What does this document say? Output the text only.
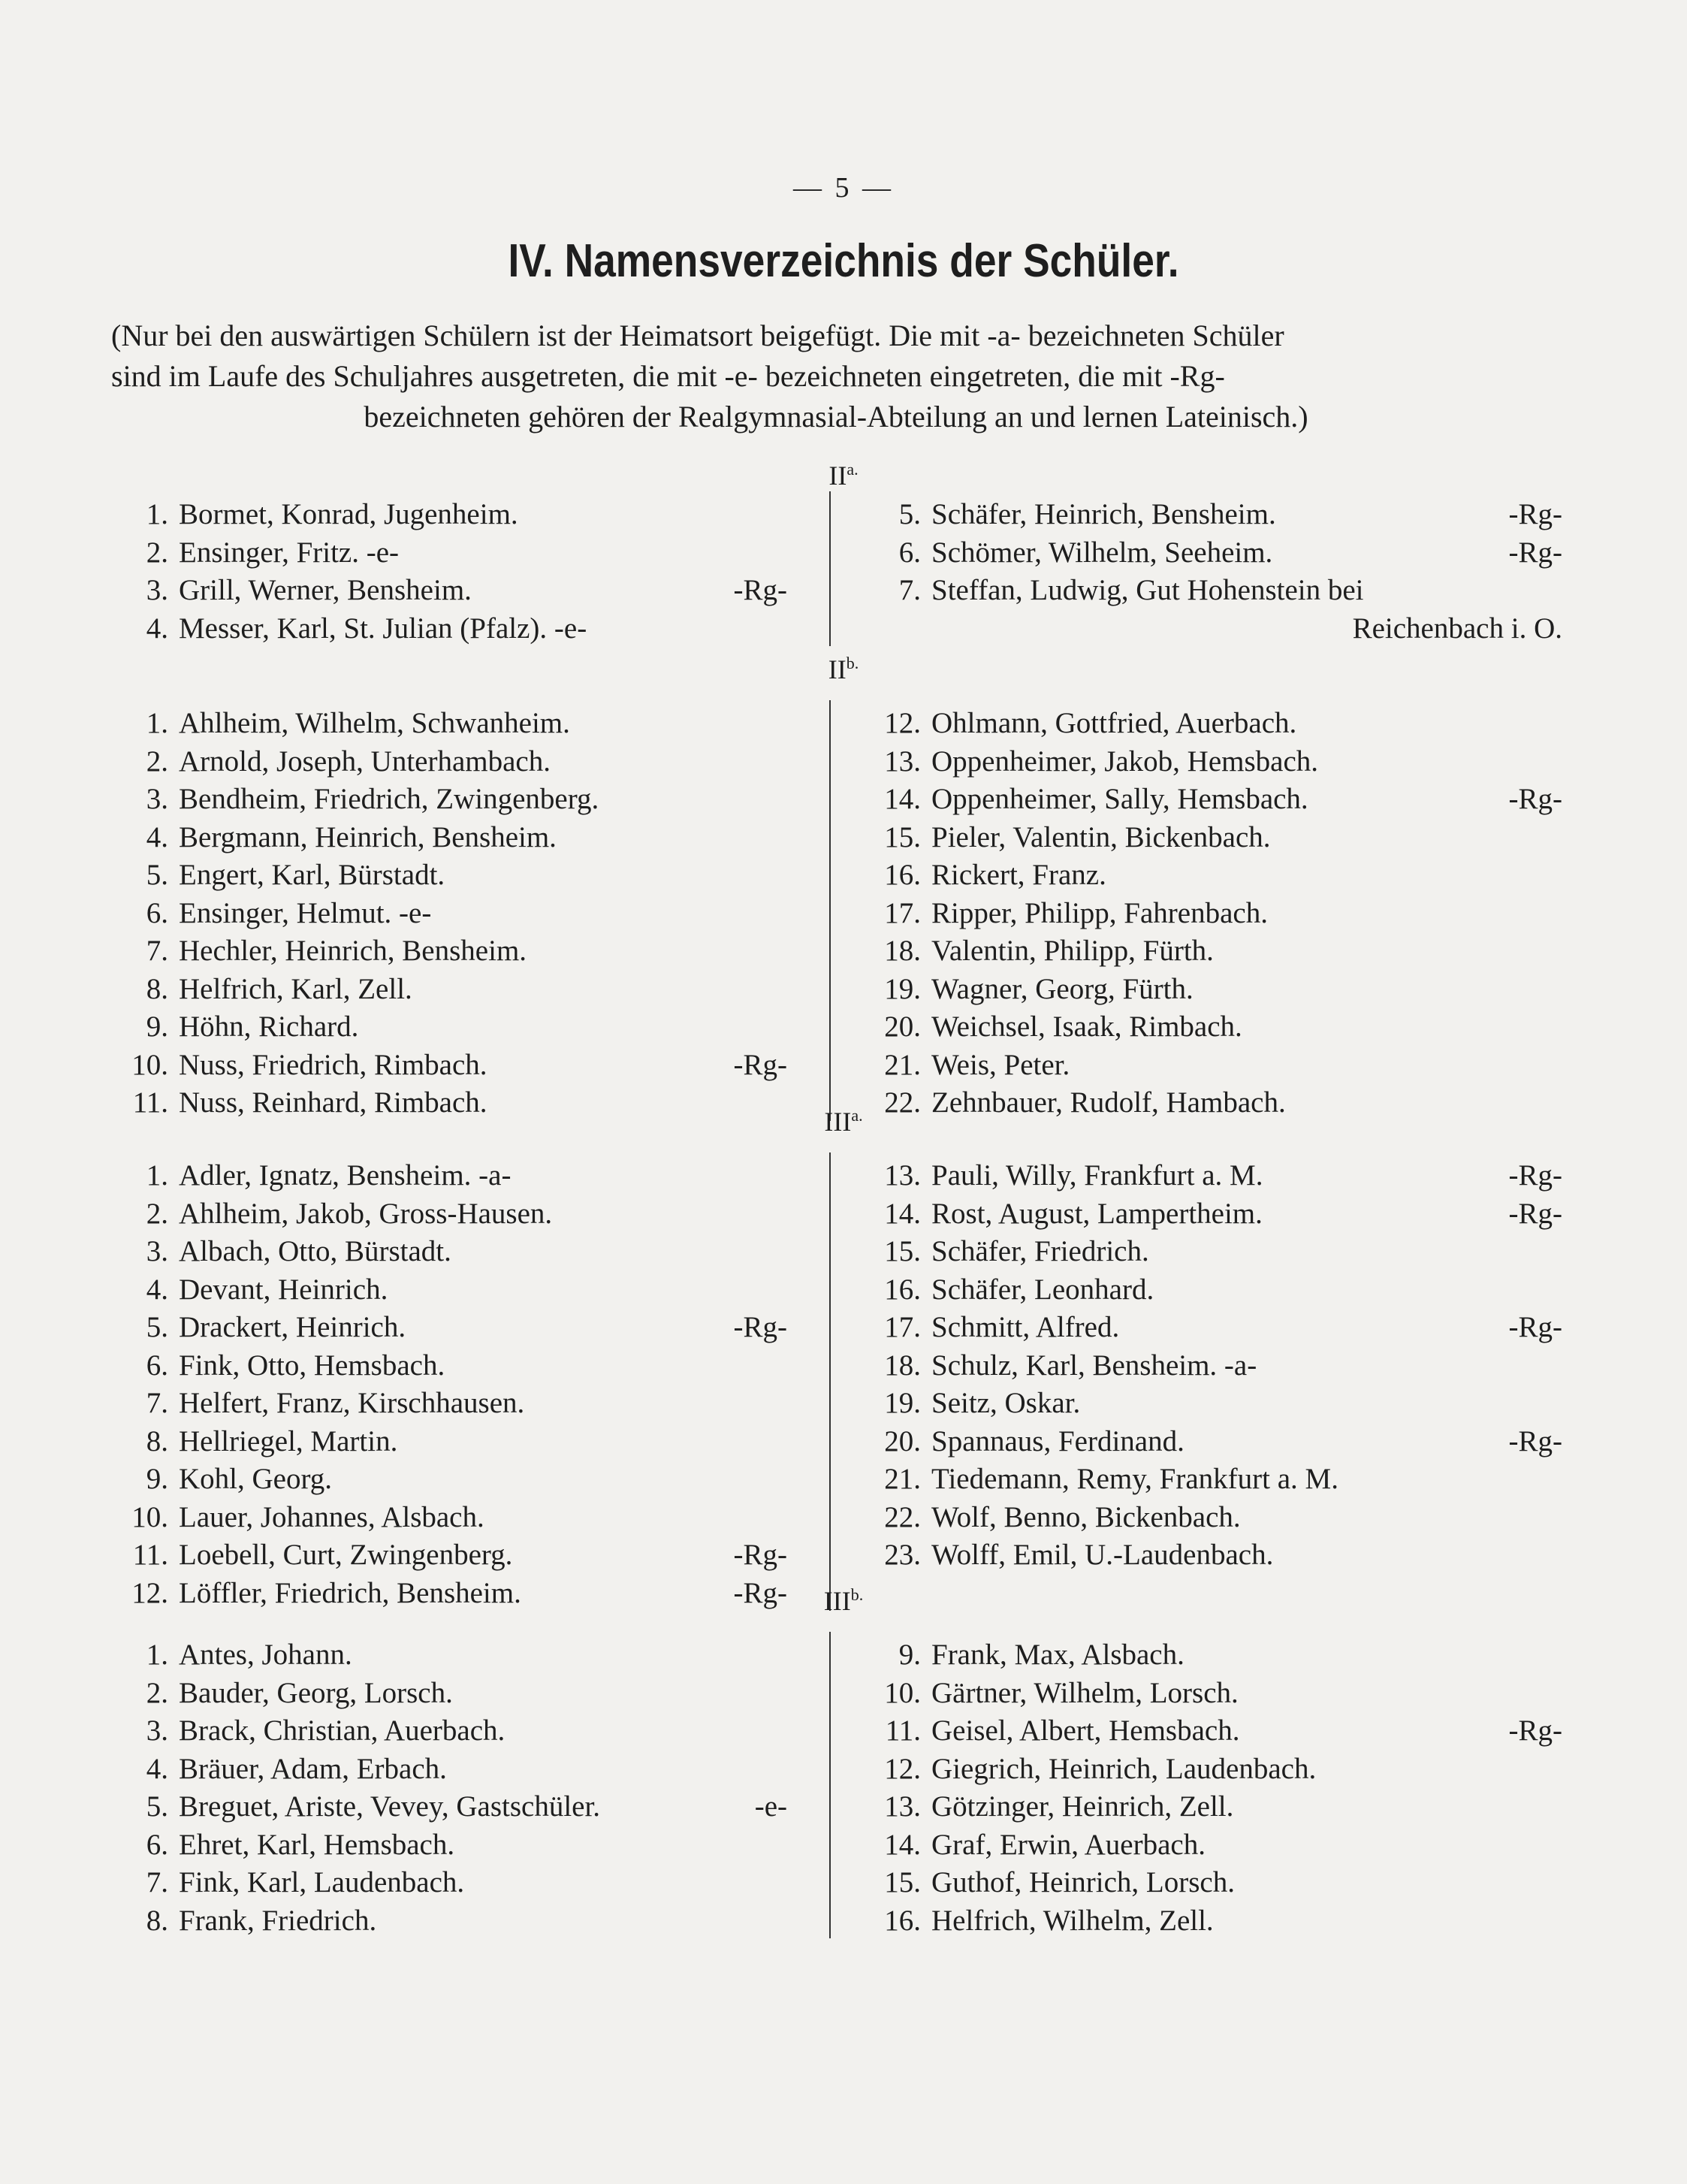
— 5 —
IV. Namensverzeichnis der Schüler.
(Nur bei den auswärtigen Schülern ist der Heimatsort beigefügt. Die mit -a- bezeichneten Schüler
sind im Laufe des Schuljahres ausgetreten, die mit -e- bezeichneten eingetreten, die mit -Rg-
bezeichneten gehören der Realgymnasial-Abteilung an und lernen Lateinisch.)
$II^{a.}$
1. Bormet, Konrad, Jugenheim.
2. Ensinger, Fritz. -e-
3. Grill, Werner, Bensheim.	-Rg-
4. Messer, Karl, St. Julian (Pfalz). -e-
5. Schäfer, Heinrich, Bensheim.	-Rg-
6. Schömer, Wilhelm, Seeheim.	-Rg-
7. Steffan, Ludwig, Gut Hohenstein bei
Reichenbach i. O.
$II^{b.}$
1. Ahlheim, Wilhelm, Schwanheim.
2. Arnold, Joseph, Unterhambach.
3. Bendheim, Friedrich, Zwingenberg.
4. Bergmann, Heinrich, Bensheim.
5. Engert, Karl, Bürstadt.
6. Ensinger, Helmut. -e-
7. Hechler, Heinrich, Bensheim.
8. Helfrich, Karl, Zell.
9. Höhn, Richard.
10. Nuss, Friedrich, Rimbach.	-Rg-
11. Nuss, Reinhard, Rimbach.
12. Ohlmann, Gottfried, Auerbach.
13. Oppenheimer, Jakob, Hemsbach.
14. Oppenheimer, Sally, Hemsbach.	-Rg-
15. Pieler, Valentin, Bickenbach.
16. Rickert, Franz.
17. Ripper, Philipp, Fahrenbach.
18. Valentin, Philipp, Fürth.
19. Wagner, Georg, Fürth.
20. Weichsel, Isaak, Rimbach.
21. Weis, Peter.
22. Zehnbauer, Rudolf, Hambach.
$III^{a.}$
1. Adler, Ignatz, Bensheim. -a-
2. Ahlheim, Jakob, Gross-Hausen.
3. Albach, Otto, Bürstadt.
4. Devant, Heinrich.
5. Drackert, Heinrich.	-Rg-
6. Fink, Otto, Hemsbach.
7. Helfert, Franz, Kirschhausen.
8. Hellriegel, Martin.
9. Kohl, Georg.
10. Lauer, Johannes, Alsbach.
11. Loebell, Curt, Zwingenberg.	-Rg-
12. Löffler, Friedrich, Bensheim.	-Rg-
13. Pauli, Willy, Frankfurt a. M.	-Rg-
14. Rost, August, Lampertheim.	-Rg-
15. Schäfer, Friedrich.
16. Schäfer, Leonhard.
17. Schmitt, Alfred.	-Rg-
18. Schulz, Karl, Bensheim. -a-
19. Seitz, Oskar.
20. Spannaus, Ferdinand.	-Rg-
21. Tiedemann, Remy, Frankfurt a. M.
22. Wolf, Benno, Bickenbach.
23. Wolff, Emil, U.-Laudenbach.
$III^{b.}$
1. Antes, Johann.
2. Bauder, Georg, Lorsch.
3. Brack, Christian, Auerbach.
4. Bräuer, Adam, Erbach.
5. Breguet, Ariste, Vevey, Gastschüler.	-e-
6. Ehret, Karl, Hemsbach.
7. Fink, Karl, Laudenbach.
8. Frank, Friedrich.
9. Frank, Max, Alsbach.
10. Gärtner, Wilhelm, Lorsch.
11. Geisel, Albert, Hemsbach.	-Rg-
12. Giegrich, Heinrich, Laudenbach.
13. Götzinger, Heinrich, Zell.
14. Graf, Erwin, Auerbach.
15. Guthof, Heinrich, Lorsch.
16. Helfrich, Wilhelm, Zell.
